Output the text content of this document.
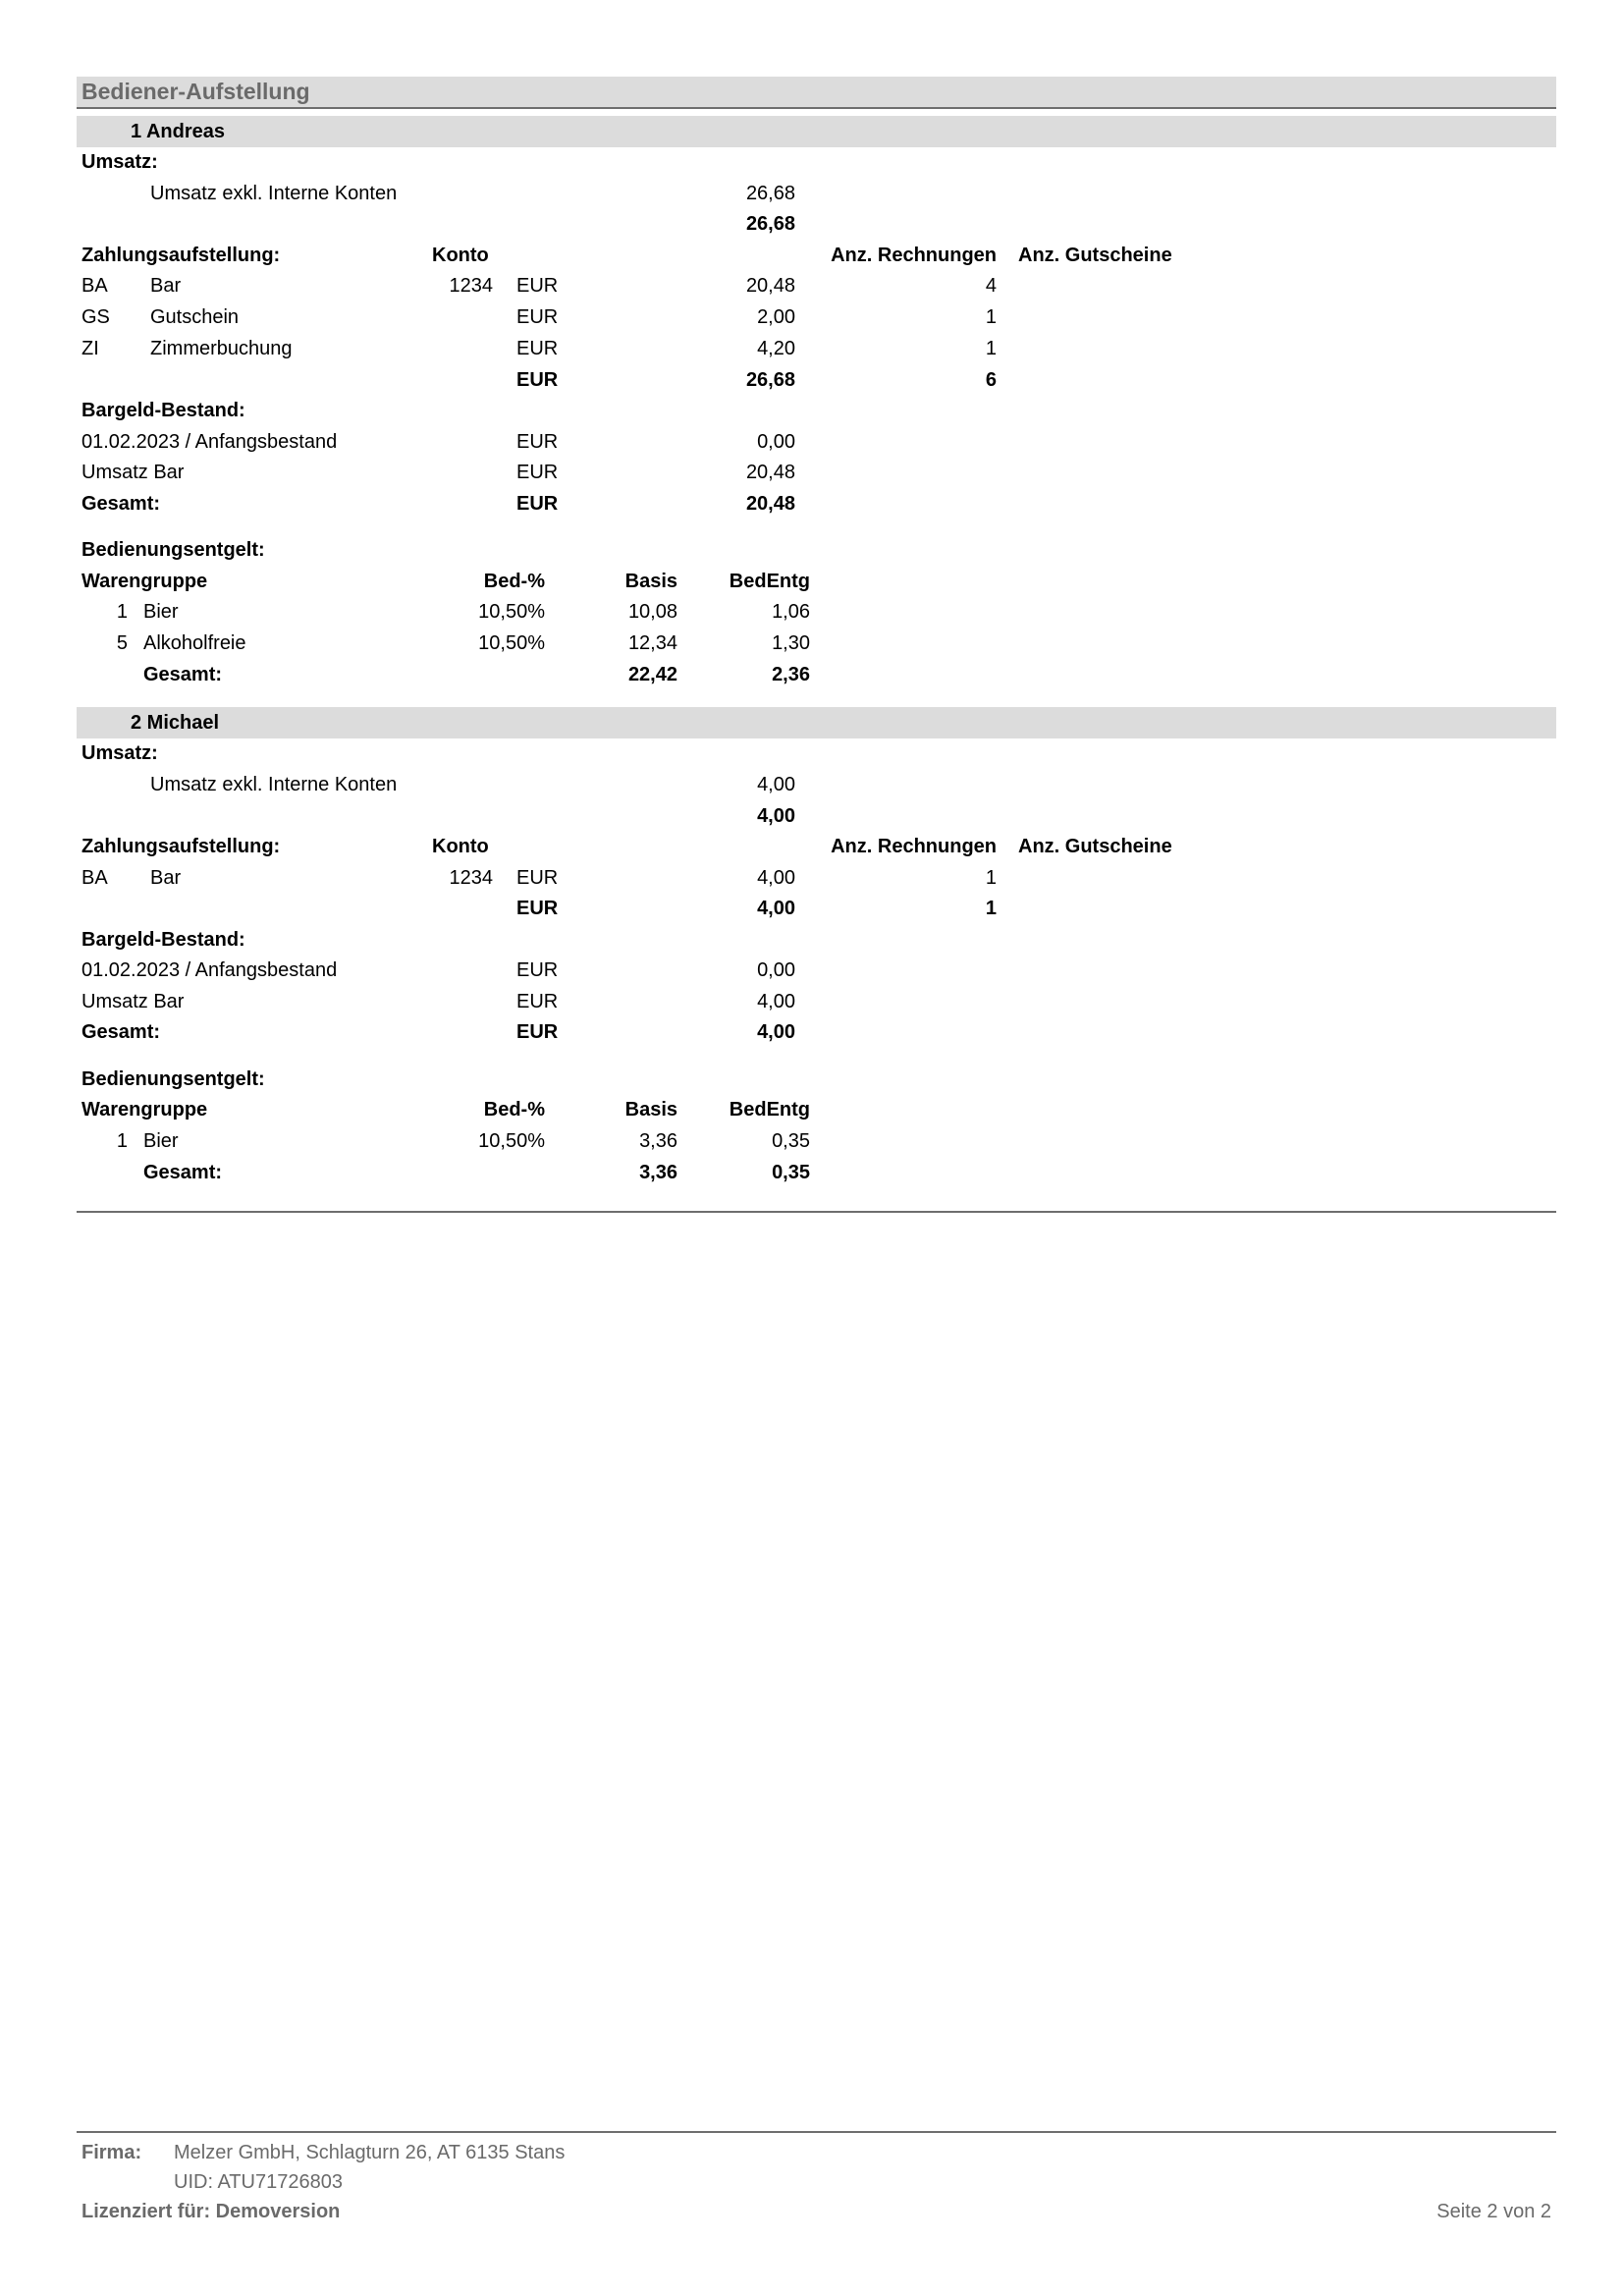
Bediener-Aufstellung
1 Andreas
Umsatz:
Umsatz exkl. Interne Konten	26,68
26,68
Zahlungsaufstellung:	Konto	Anz. Rechnungen Anz. Gutscheine
BA Bar	1234 EUR	20,48	4
GS Gutschein	EUR	2,00	1
ZI	Zimmerbuchung	EUR	4,20	1
EUR	26,68	6
Bargeld-Bestand:
01.02.2023 / Anfangsbestand	EUR	0,00
Umsatz Bar	EUR	20,48
Gesamt:	EUR	20,48
Bedienungsentgelt:
Warengruppe	Bed-%	Basis	BedEntg
1 Bier	10,50%	10,08	1,06
5 Alkoholfreie	10,50%	12,34	1,30
Gesamt:	22,42	2,36
2 Michael
Umsatz:
Umsatz exkl. Interne Konten	4,00
4,00
Zahlungsaufstellung:	Konto	Anz. Rechnungen Anz. Gutscheine
BA Bar	1234 EUR	4,00	1
EUR	4,00	1
Bargeld-Bestand:
01.02.2023 / Anfangsbestand	EUR	0,00
Umsatz Bar	EUR	4,00
Gesamt:	EUR	4,00
Bedienungsentgelt:
Warengruppe	Bed-%	Basis	BedEntg
1 Bier	10,50%	3,36	0,35
Gesamt:	3,36	0,35
Firma: Melzer GmbH, Schlagturn 26, AT 6135 Stans
UID: ATU71726803
Lizenziert für: Demoversion	Seite 2 von 2
